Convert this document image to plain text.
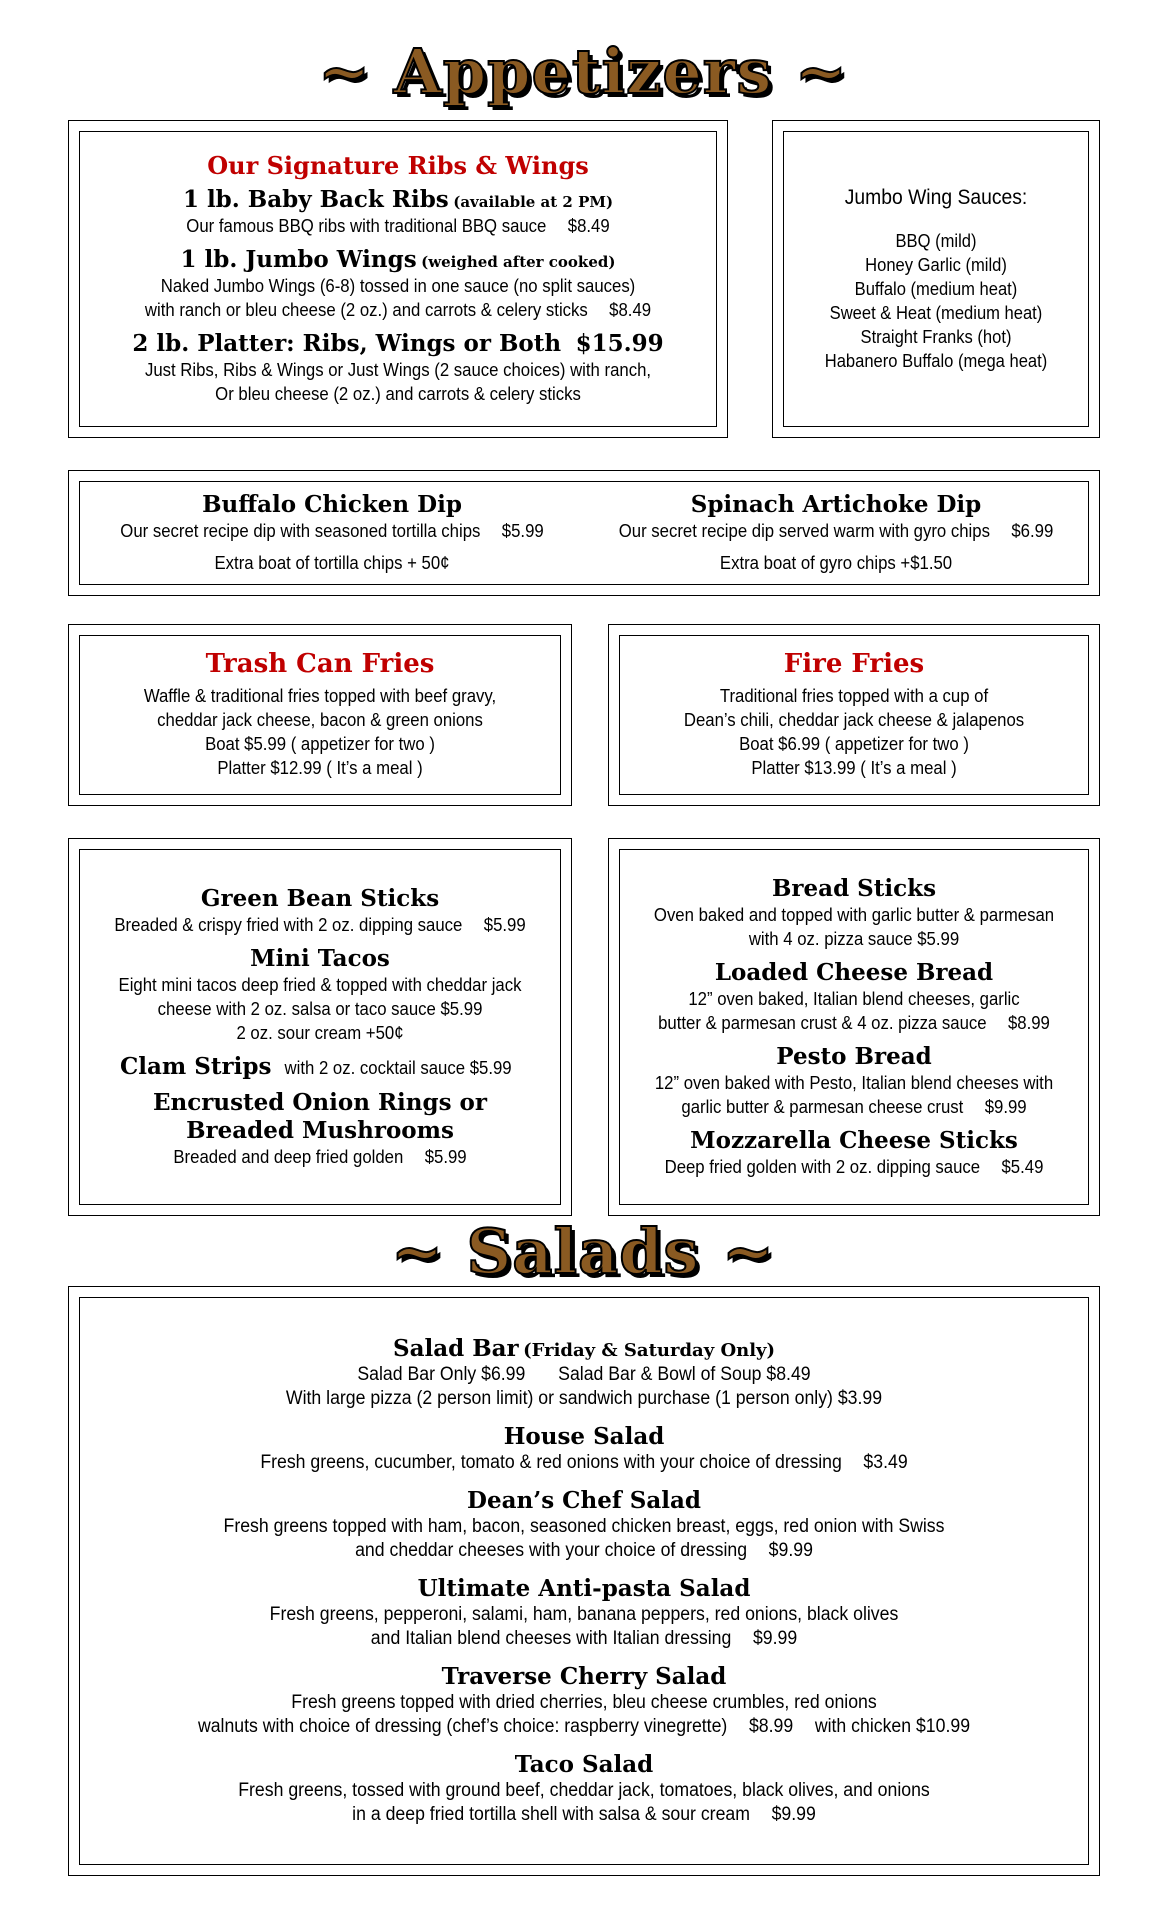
~ Appetizers ~
Our Signature Ribs & Wings
1 lb. Baby Back Ribs (available at 2 PM)
Our famous BBQ ribs with traditional BBQ sauce $8.49
1 lb. Jumbo Wings (weighed after cooked)
Naked Jumbo Wings (6-8) tossed in one sauce (no split sauces)
with ranch or bleu cheese (2 oz.) and carrots & celery sticks $8.49
2 lb. Platter: Ribs, Wings or Both $15.99
Just Ribs, Ribs & Wings or Just Wings (2 sauce choices) with ranch,
Or bleu cheese (2 oz.) and carrots & celery sticks
Jumbo Wing Sauces:
BBQ (mild)
Honey Garlic (mild)
Buffalo (medium heat)
Sweet & Heat (medium heat)
Straight Franks (hot)
Habanero Buffalo (mega heat)
Buffalo Chicken Dip
Our secret recipe dip with seasoned tortilla chips $5.99
Extra boat of tortilla chips + 50¢
Spinach Artichoke Dip
Our secret recipe dip served warm with gyro chips $6.99
Extra boat of gyro chips +$1.50
Trash Can Fries
Waffle & traditional fries topped with beef gravy,
cheddar jack cheese, bacon & green onions
Boat $5.99 ( appetizer for two )
Platter $12.99 ( It’s a meal )
Fire Fries
Traditional fries topped with a cup of
Dean’s chili, cheddar jack cheese & jalapenos
Boat $6.99 ( appetizer for two )
Platter $13.99 ( It’s a meal )
Green Bean Sticks
Breaded & crispy fried with 2 oz. dipping sauce $5.99
Mini Tacos
Eight mini tacos deep fried & topped with cheddar jack
cheese with 2 oz. salsa or taco sauce $5.99
2 oz. sour cream +50¢
Clam Strips with 2 oz. cocktail sauce $5.99
Encrusted Onion Rings or
Breaded Mushrooms
Breaded and deep fried golden $5.99
Bread Sticks
Oven baked and topped with garlic butter & parmesan
with 4 oz. pizza sauce $5.99
Loaded Cheese Bread
12” oven baked, Italian blend cheeses, garlic
butter & parmesan crust & 4 oz. pizza sauce $8.99
Pesto Bread
12” oven baked with Pesto, Italian blend cheeses with
garlic butter & parmesan cheese crust $9.99
Mozzarella Cheese Sticks
Deep fried golden with 2 oz. dipping sauce $5.49
~ Salads ~
Salad Bar (Friday & Saturday Only)
Salad Bar Only $6.99 Salad Bar & Bowl of Soup $8.49
With large pizza (2 person limit) or sandwich purchase (1 person only) $3.99
House Salad
Fresh greens, cucumber, tomato & red onions with your choice of dressing $3.49
Dean’s Chef Salad
Fresh greens topped with ham, bacon, seasoned chicken breast, eggs, red onion with Swiss
and cheddar cheeses with your choice of dressing $9.99
Ultimate Anti-pasta Salad
Fresh greens, pepperoni, salami, ham, banana peppers, red onions, black olives
and Italian blend cheeses with Italian dressing $9.99
Traverse Cherry Salad
Fresh greens topped with dried cherries, bleu cheese crumbles, red onions
walnuts with choice of dressing (chef’s choice: raspberry vinegrette) $8.99 with chicken $10.99
Taco Salad
Fresh greens, tossed with ground beef, cheddar jack, tomatoes, black olives, and onions
in a deep fried tortilla shell with salsa & sour cream $9.99
